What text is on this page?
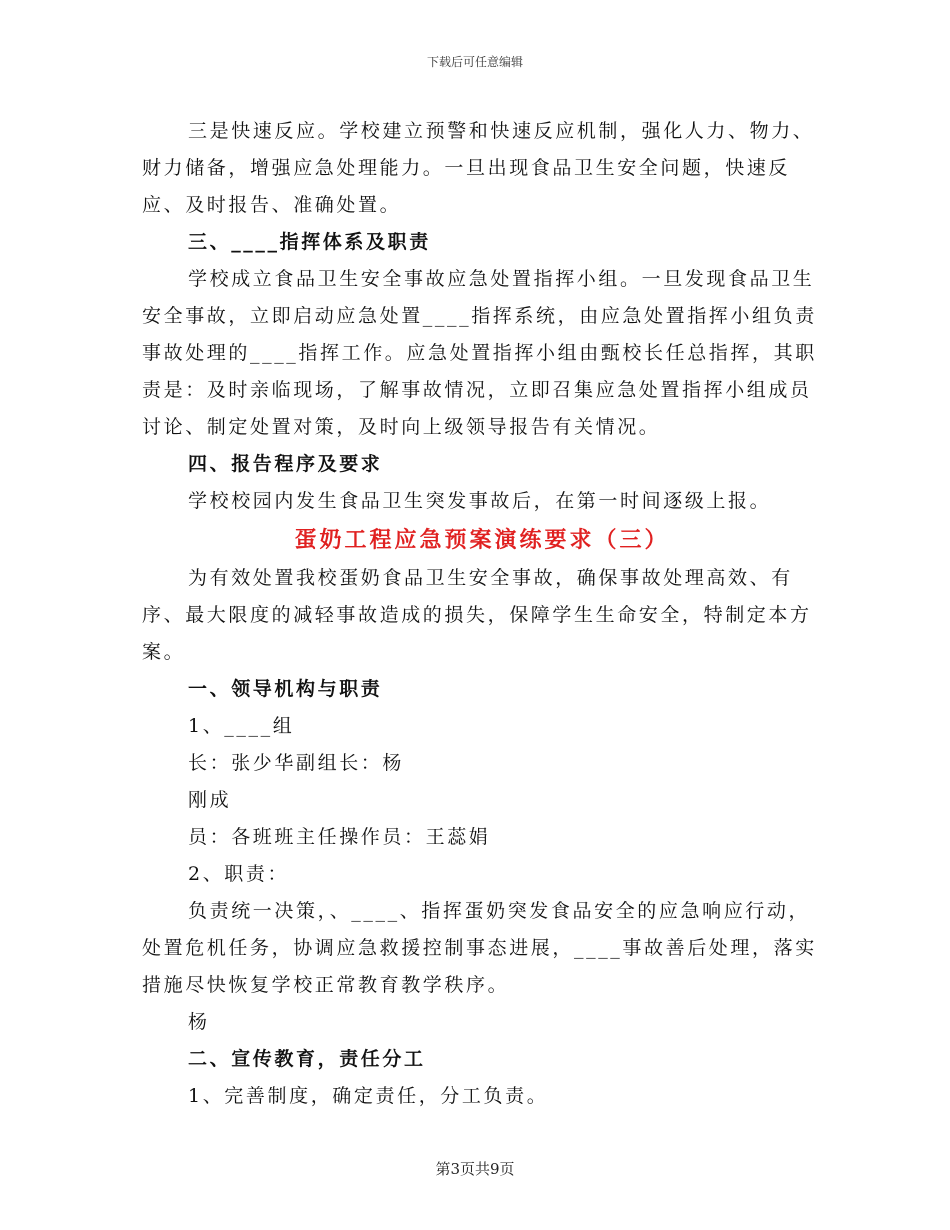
下载后可任意编辑

三是快速反应。学校建立预警和快速反应机制，强化人力、物力、财力储备，增强应急处理能力。一旦出现食品卫生安全问题，快速反应、及时报告、准确处置。

三、____指挥体系及职责

学校成立食品卫生安全事故应急处置指挥小组。一旦发现食品卫生安全事故，立即启动应急处置____指挥系统，由应急处置指挥小组负责事故处理的____指挥工作。应急处置指挥小组由甄校长任总指挥，其职责是：及时亲临现场，了解事故情况，立即召集应急处置指挥小组成员讨论、制定处置对策，及时向上级领导报告有关情况。

四、报告程序及要求

学校校园内发生食品卫生突发事故后，在第一时间逐级上报。

蛋奶工程应急预案演练要求（三）

为有效处置我校蛋奶食品卫生安全事故，确保事故处理高效、有序、最大限度的减轻事故造成的损失，保障学生生命安全，特制定本方案。

一、领导机构与职责

1、____组

长：张少华副组长：杨

刚成

员：各班班主任操作员：王蕊娟

2、职责：

负责统一决策，、____、指挥蛋奶突发食品安全的应急响应行动，处置危机任务，协调应急救援控制事态进展，____事故善后处理，落实措施尽快恢复学校正常教育教学秩序。

杨

二、宣传教育，责任分工

1、完善制度，确定责任，分工负责。

第3页共9页
